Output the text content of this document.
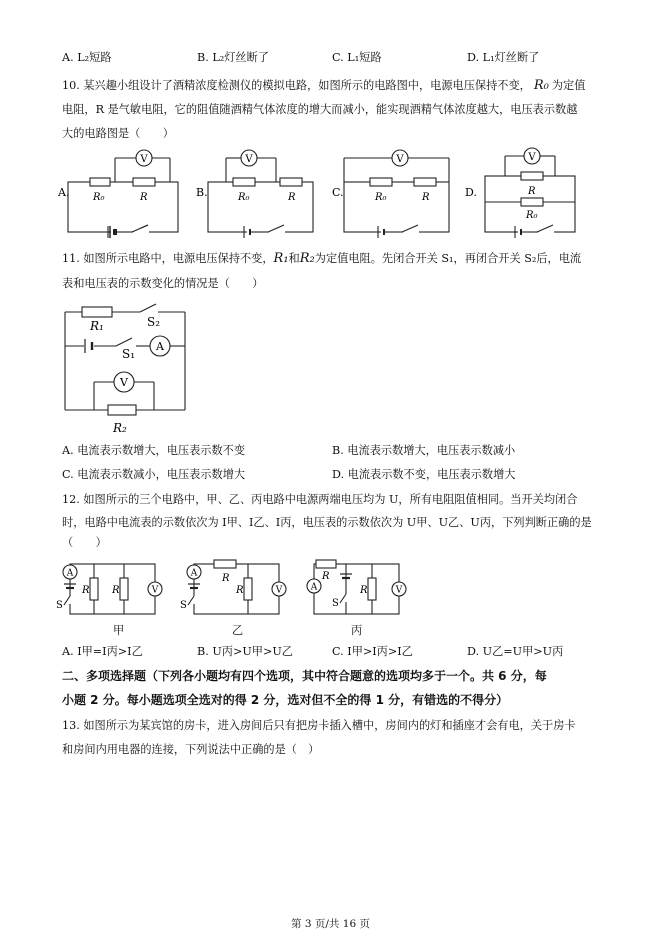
A. L₂短路	B. L₂灯丝断了	C. L₁短路	D. L₁灯丝断了
10. 某兴趣小组设计了酒精浓度检测仪的模拟电路，如图所示的电路图中，电源电压保持不变， R₀ 为定值
电阻，R 是气敏电阻，它的阻值随酒精气体浓度的增大而减小，能实现酒精气体浓度越大，电压表示数越
大的电路图是（　　）
V
A. R₀	R
V
B.	R₀	R
V
C.	R₀	R
V
D.	R
R₀
11. 如图所示电路中，电源电压保持不变，R₁和R₂为定值电阻。先闭合开关 S₁，再闭合开关 S₂后，电流
表和电压表的示数变化的情况是（　　）
A
V
R₁	S₂
S₁
R₂
A. 电流表示数增大，电压表示数不变	B. 电流表示数增大，电压表示数减小
C. 电流表示数减小，电压表示数增大	D. 电流表示数不变，电压表示数增大
12. 如图所示的三个电路中，甲、乙、丙电路中电源两端电压均为 U，所有电阻阻值相同。当开关均闭合
时，电路中电流表的示数依次为 I甲、I乙、I丙，电压表的示数依次为 U甲、U乙、U丙，下列判断正确的是
（　　）
A
V
R R
S
甲
A
V
R
R
S
乙
A	V
R
R
S
丙
A. I甲=I丙>I乙	B. U丙>U甲>U乙	C. I甲>I丙>I乙	D. U乙=U甲>U丙
二、多项选择题（下列各小题均有四个选项，其中符合题意的选项均多于一个。共 6 分，每
小题 2 分。每小题选项全选对的得 2 分，选对但不全的得 1 分，有错选的不得分）
13. 如图所示为某宾馆的房卡，进入房间后只有把房卡插入槽中，房间内的灯和插座才会有电，关于房卡
和房间内用电器的连接，下列说法中正确的是（　）
第 3 页/共 16 页
